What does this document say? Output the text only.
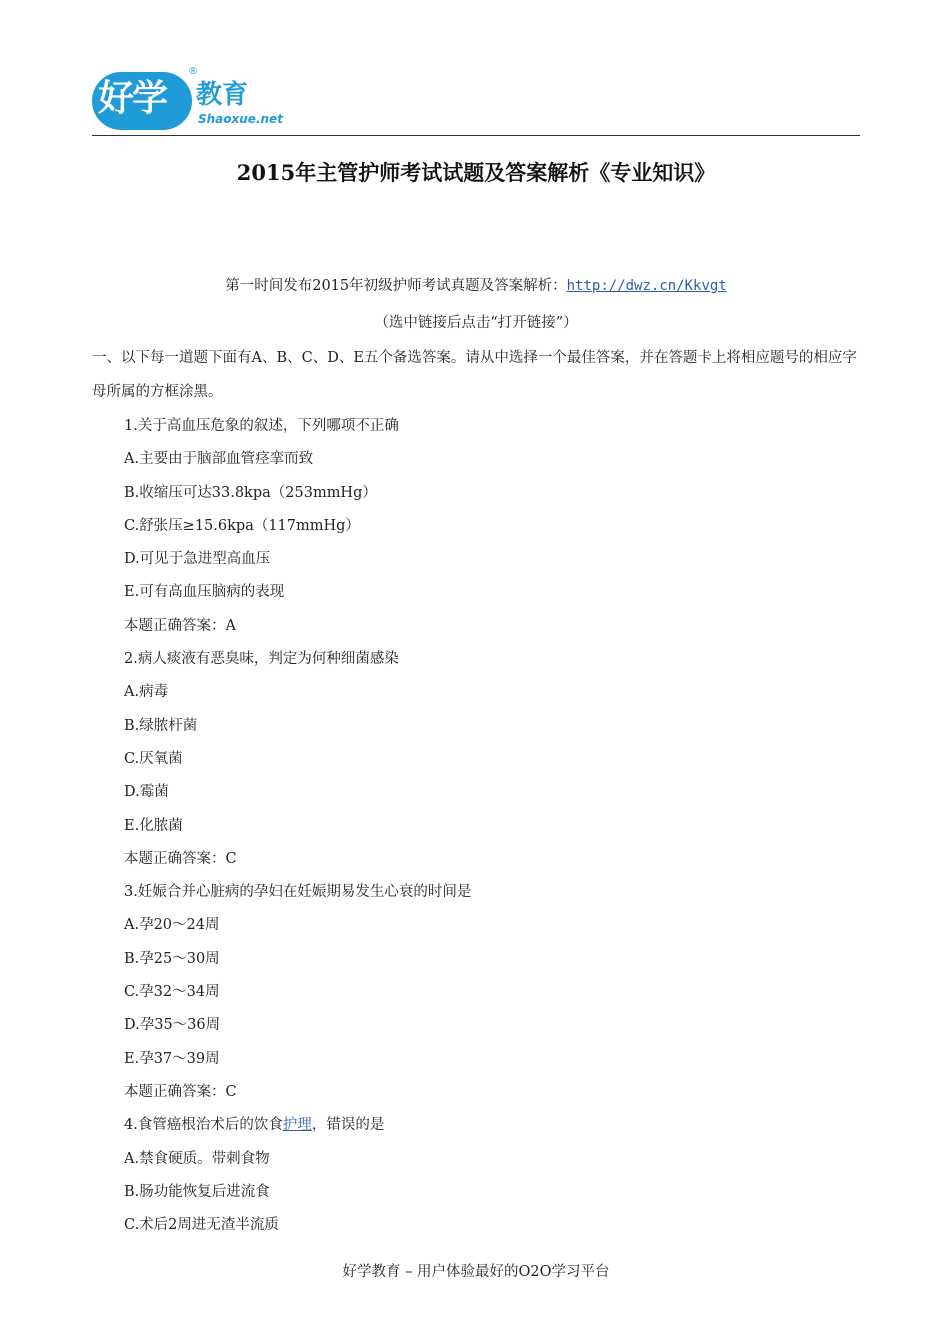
好学
®
教育
Shaoxue.net
2015年主管护师考试试题及答案解析《专业知识》
第一时间发布2015年初级护师考试真题及答案解析：http://dwz.cn/Kkvgt
（选中链接后点击“打开链接”）
一、以下每一道题下面有A、B、C、D、E五个备选答案。请从中选择一个最佳答案，并在答题卡上将相应题号的相应字母所属的方框涂黑。
1.关于高血压危象的叙述，下列哪项不正确
A.主要由于脑部血管痉挛而致
B.收缩压可达33.8kpa（253mmHg）
C.舒张压≥15.6kpa（117mmHg）
D.可见于急进型高血压
E.可有高血压脑病的表现
本题正确答案：A
2.病人痰液有恶臭味，判定为何种细菌感染
A.病毒
B.绿脓杆菌
C.厌氧菌
D.霉菌
E.化脓菌
本题正确答案：C
3.妊娠合并心脏病的孕妇在妊娠期易发生心衰的时间是
A.孕20～24周
B.孕25～30周
C.孕32～34周
D.孕35～36周
E.孕37～39周
本题正确答案：C
4.食管癌根治术后的饮食护理，错误的是
A.禁食硬质。带刺食物
B.肠功能恢复后进流食
C.术后2周进无渣半流质
好学教育 – 用户体验最好的O2O学习平台
